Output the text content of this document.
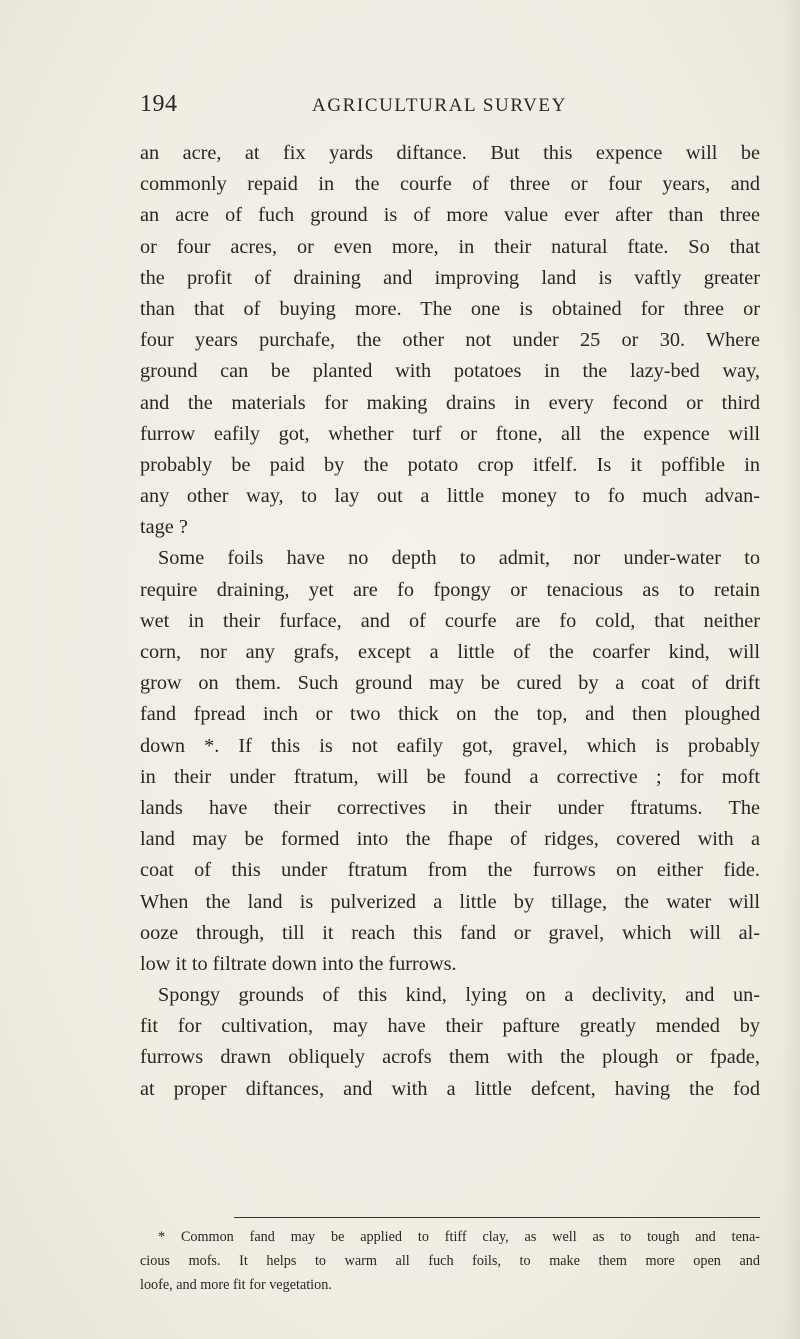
194	AGRICULTURAL SURVEY
an acre, at fix yards diftance. But this expence will be
commonly repaid in the courfe of three or four years, and
an acre of fuch ground is of more value ever after than three
or four acres, or even more, in their natural ftate. So that
the profit of draining and improving land is vaftly greater
than that of buying more. The one is obtained for three or
four years purchafe, the other not under 25 or 30. Where
ground can be planted with potatoes in the lazy-bed way,
and the materials for making drains in every fecond or third
furrow eafily got, whether turf or ftone, all the expence will
probably be paid by the potato crop itfelf. Is it poffible in
any other way, to lay out a little money to fo much advan-
tage ?
Some foils have no depth to admit, nor under-water to
require draining, yet are fo fpongy or tenacious as to retain
wet in their furface, and of courfe are fo cold, that neither
corn, nor any grafs, except a little of the coarfer kind, will
grow on them. Such ground may be cured by a coat of drift
fand fpread inch or two thick on the top, and then ploughed
down *. If this is not eafily got, gravel, which is probably
in their under ftratum, will be found a corrective ; for moft
lands have their correctives in their under ftratums. The
land may be formed into the fhape of ridges, covered with a
coat of this under ftratum from the furrows on either fide.
When the land is pulverized a little by tillage, the water will
ooze through, till it reach this fand or gravel, which will al-
low it to filtrate down into the furrows.
Spongy grounds of this kind, lying on a declivity, and un-
fit for cultivation, may have their pafture greatly mended by
furrows drawn obliquely acrofs them with the plough or fpade,
at proper diftances, and with a little defcent, having the fod
* Common fand may be applied to ftiff clay, as well as to tough and tena-
cious mofs. It helps to warm all fuch foils, to make them more open and
loofe, and more fit for vegetation.
